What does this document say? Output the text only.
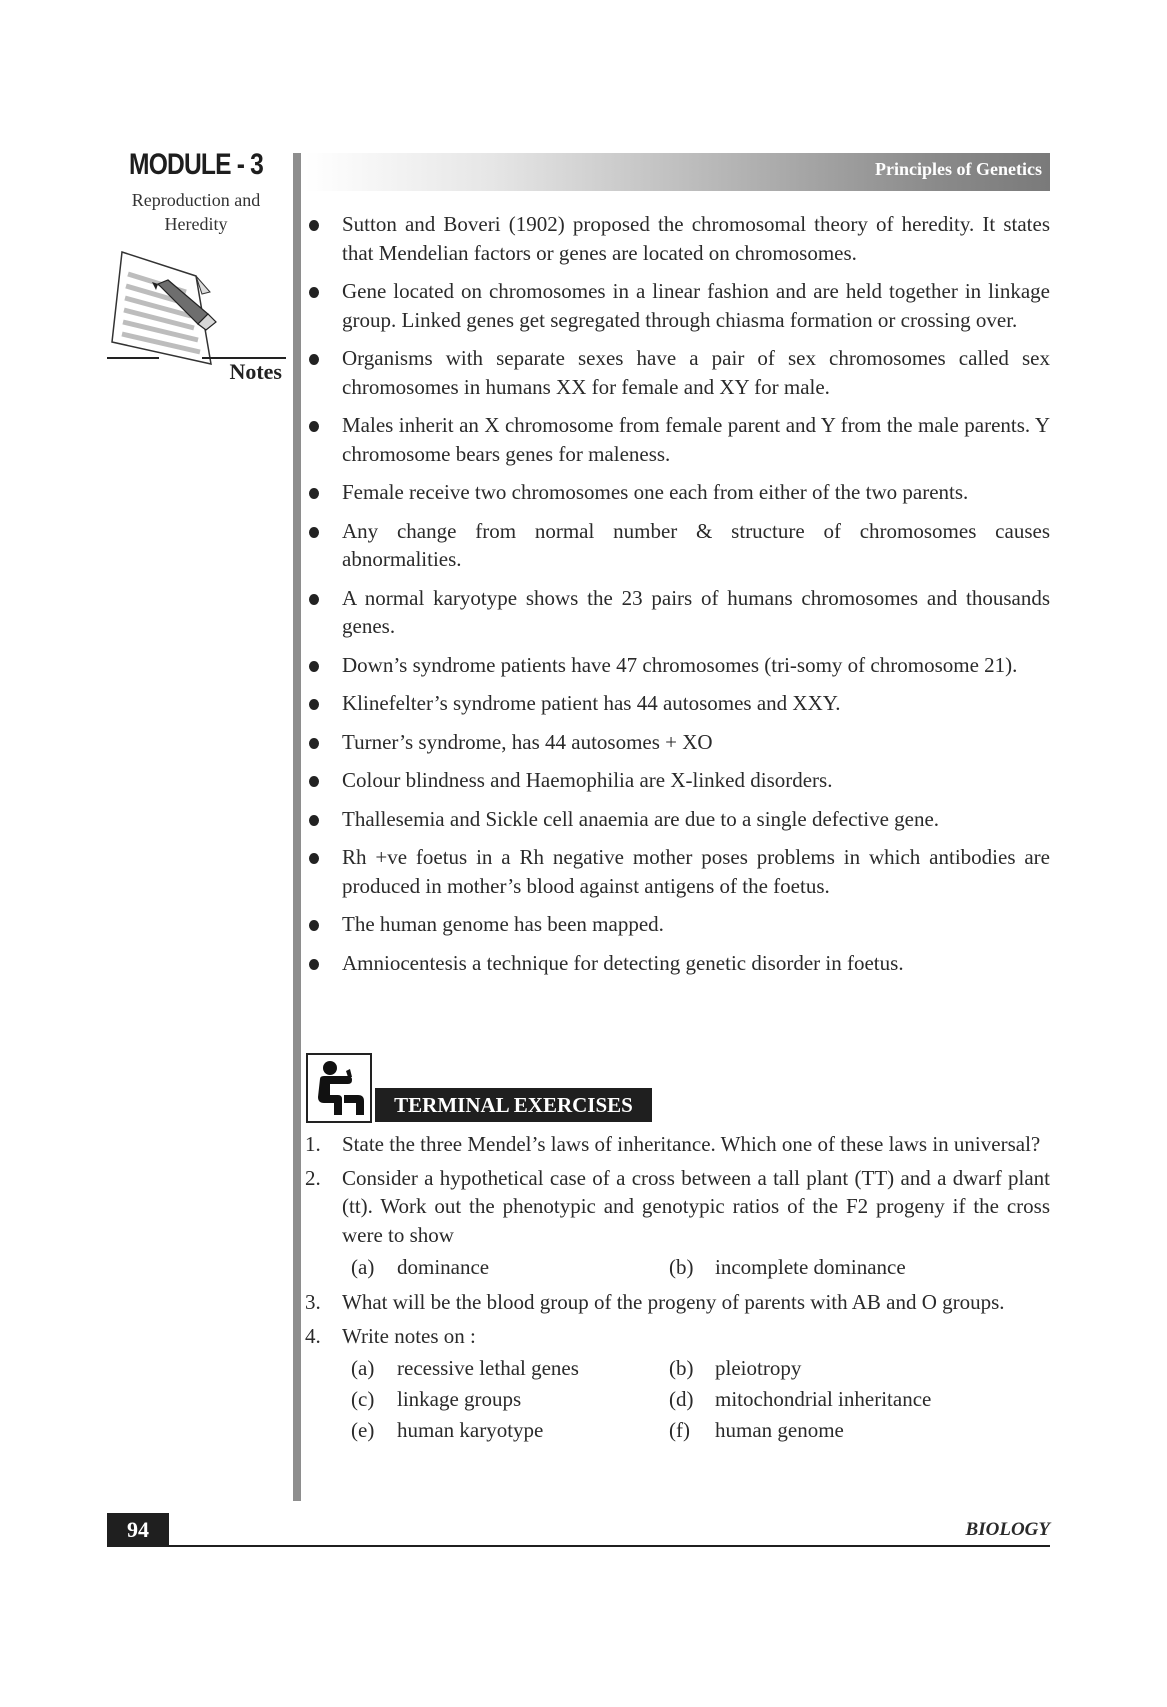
MODULE - 3
Reproduction and
Heredity
Notes
Principles of Genetics
Sutton and Boveri (1902) proposed the chromosomal theory of heredity. It states that Mendelian factors or genes are located on chromosomes.
Gene located on chromosomes in a linear fashion and are held together in linkage group. Linked genes get segregated through chiasma formation or crossing over.
Organisms with separate sexes have a pair of sex chromosomes called sex chromosomes in humans XX for female and XY for male.
Males inherit an X chromosome from female parent and Y from the male parents. Y chromosome bears genes for maleness.
Female receive two chromosomes one each from either of the two parents.
Any change from normal number & structure of chromosomes causes abnormalities.
A normal karyotype shows the 23 pairs of humans chromosomes and thousands genes.
Down’s syndrome patients have 47 chromosomes (tri-somy of chromosome 21).
Klinefelter’s syndrome patient has 44 autosomes and XXY.
Turner’s syndrome, has 44 autosomes + XO
Colour blindness and Haemophilia are X-linked disorders.
Thallesemia and Sickle cell anaemia are due to a single defective gene.
Rh +ve foetus in a Rh negative mother poses problems in which antibodies are produced in mother’s blood against antigens of the foetus.
The human genome has been mapped.
Amniocentesis a technique for detecting genetic disorder in foetus.
TERMINAL EXERCISES
1. State the three Mendel’s laws of inheritance. Which one of these laws in universal?
2. Consider a hypothetical case of a cross between a tall plant (TT) and a dwarf plant (tt). Work out the phenotypic and genotypic ratios of the F2 progeny if the cross were to show
(a)	dominance	(b)	incomplete dominance
3. What will be the blood group of the progeny of parents with AB and O groups.
4. Write notes on :
(a)	recessive lethal genes	(b)	pleiotropy
(c)	linkage groups	(d)	mitochondrial inheritance
(e)	human karyotype	(f)	human genome
94	BIOLOGY
